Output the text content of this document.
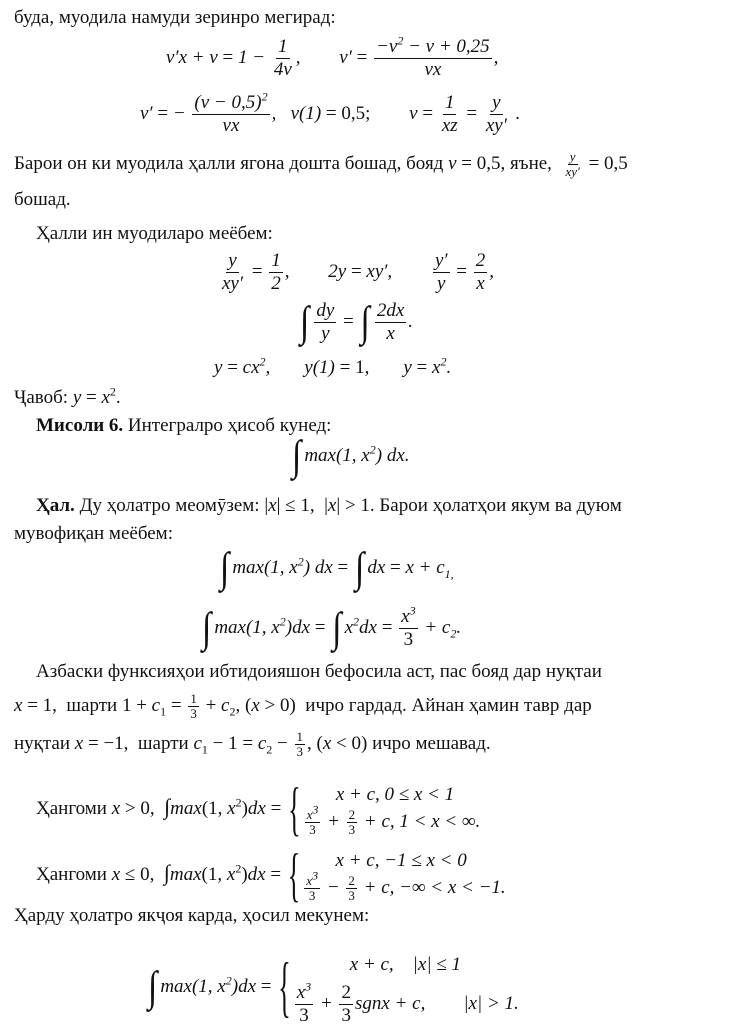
буда, муодила намуди зеринро мегирад:
$v'x + v = 1 - \frac{1}{4v}$ , $v' = \frac{-v^2 - v + 0,25}{vx}$ ,
v′ = − $\frac{(v - 0,5)^2}{vx}$ ,   v(1) = 0,5; $v = \frac{1}{xz} = \frac{y}{xy'}$ .
Барои он ки муодила ҳалли ягона дошта бошад, бояд v = 0,5, яъне, $\frac{y}{xy'} = 0,5$
бошад.
Ҳалли ин муодиларо меёбем:
$\frac{y}{xy'} = \frac{1}{2}$ , 2y = xy′, $\frac{y'}{y} = \frac{2}{x}$ ,
∫ $\frac{dy}{y}$ = ∫ $\frac{2dx}{x}$ .
$y = cx^2$, y(1) = 1, $y = x^2$.
Ҷавоб: $y = x^2$.
Мисоли 6. Интегралро ҳисоб кунед:
∫ max(1, $x^2$) dx.
Ҳал. Ду ҳолатро меомӯзем: |x| ≤ 1,  |x| > 1. Барои ҳолатҳои якум ва дуюм
мувофиқан меёбем:
∫ max(1, $x^2$) dx = ∫ dx = $x + c_{1,}$
∫ max(1, $x^2)dx$ = ∫ $x^2dx = \frac{x^3}{3} + c_2$.
Азбаски функсияҳои ибтидоияшон бефосила аст, пас бояд дар нуқтаи
x = 1,  шарти $1 + c_1 = \frac{1}{3} + c_2$, (x > 0)  ичро гардад. Айнан ҳамин тавр дар
нуқтаи x = −1,  шарти $c_1 - 1 = c_2 - \frac{1}{3}$ , (x < 0) ичро мешавад.
Ҳангоми x > 0,  ∫max(1, $x^2)dx$ = { x + c, 0 ≤ x < 1
$\frac{x^3}{3} + \frac{2}{3} + c$, 1 < x < ∞.
Ҳангоми x ≤ 0,  ∫max(1, $x^2)dx$ = { x + c, −1 ≤ x < 0
$\frac{x^3}{3} - \frac{2}{3} + c$, −∞ < x < −1.
Ҳарду ҳолатро якҷоя карда, ҳосил мекунем:
∫ max(1, $x^2)dx$ = { x + c,    |x| ≤ 1
$\frac{x^3}{3} + \frac{2}{3}$ sgnx + c,        |x| > 1.
